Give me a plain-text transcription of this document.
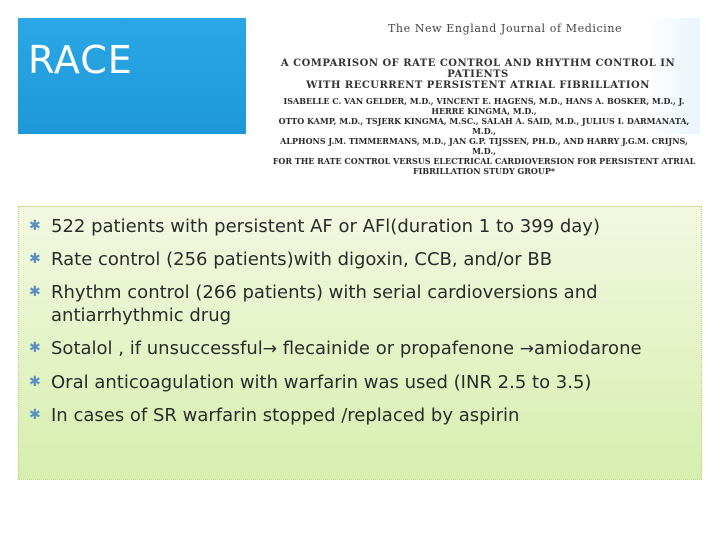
RACE
The New England Journal of Medicine
A COMPARISON OF RATE CONTROL AND RHYTHM CONTROL IN PATIENTS
WITH RECURRENT PERSISTENT ATRIAL FIBRILLATION
ISABELLE C. VAN GELDER, M.D., VINCENT E. HAGENS, M.D., HANS A. BOSKER, M.D., J. HERRE KINGMA, M.D.,
OTTO KAMP, M.D., TSJERK KINGMA, M.SC., SALAH A. SAID, M.D., JULIUS I. DARMANATA, M.D.,
ALPHONS J.M. TIMMERMANS, M.D., JAN G.P. TIJSSEN, PH.D., AND HARRY J.G.M. CRIJNS, M.D.,
FOR THE RATE CONTROL VERSUS ELECTRICAL CARDIOVERSION FOR PERSISTENT ATRIAL FIBRILLATION STUDY GROUP*
✱ 522 patients with persistent AF or AFl(duration 1 to 399 day)
✱ Rate control (256 patients)with digoxin, CCB, and/or BB
✱ Rhythm control (266 patients) with serial cardioversions and antiarrhythmic drug
✱ Sotalol , if unsuccessful→ flecainide or propafenone →amiodarone
✱ Oral anticoagulation with warfarin was used (INR 2.5 to 3.5)
✱ In cases of SR warfarin stopped /replaced by aspirin
